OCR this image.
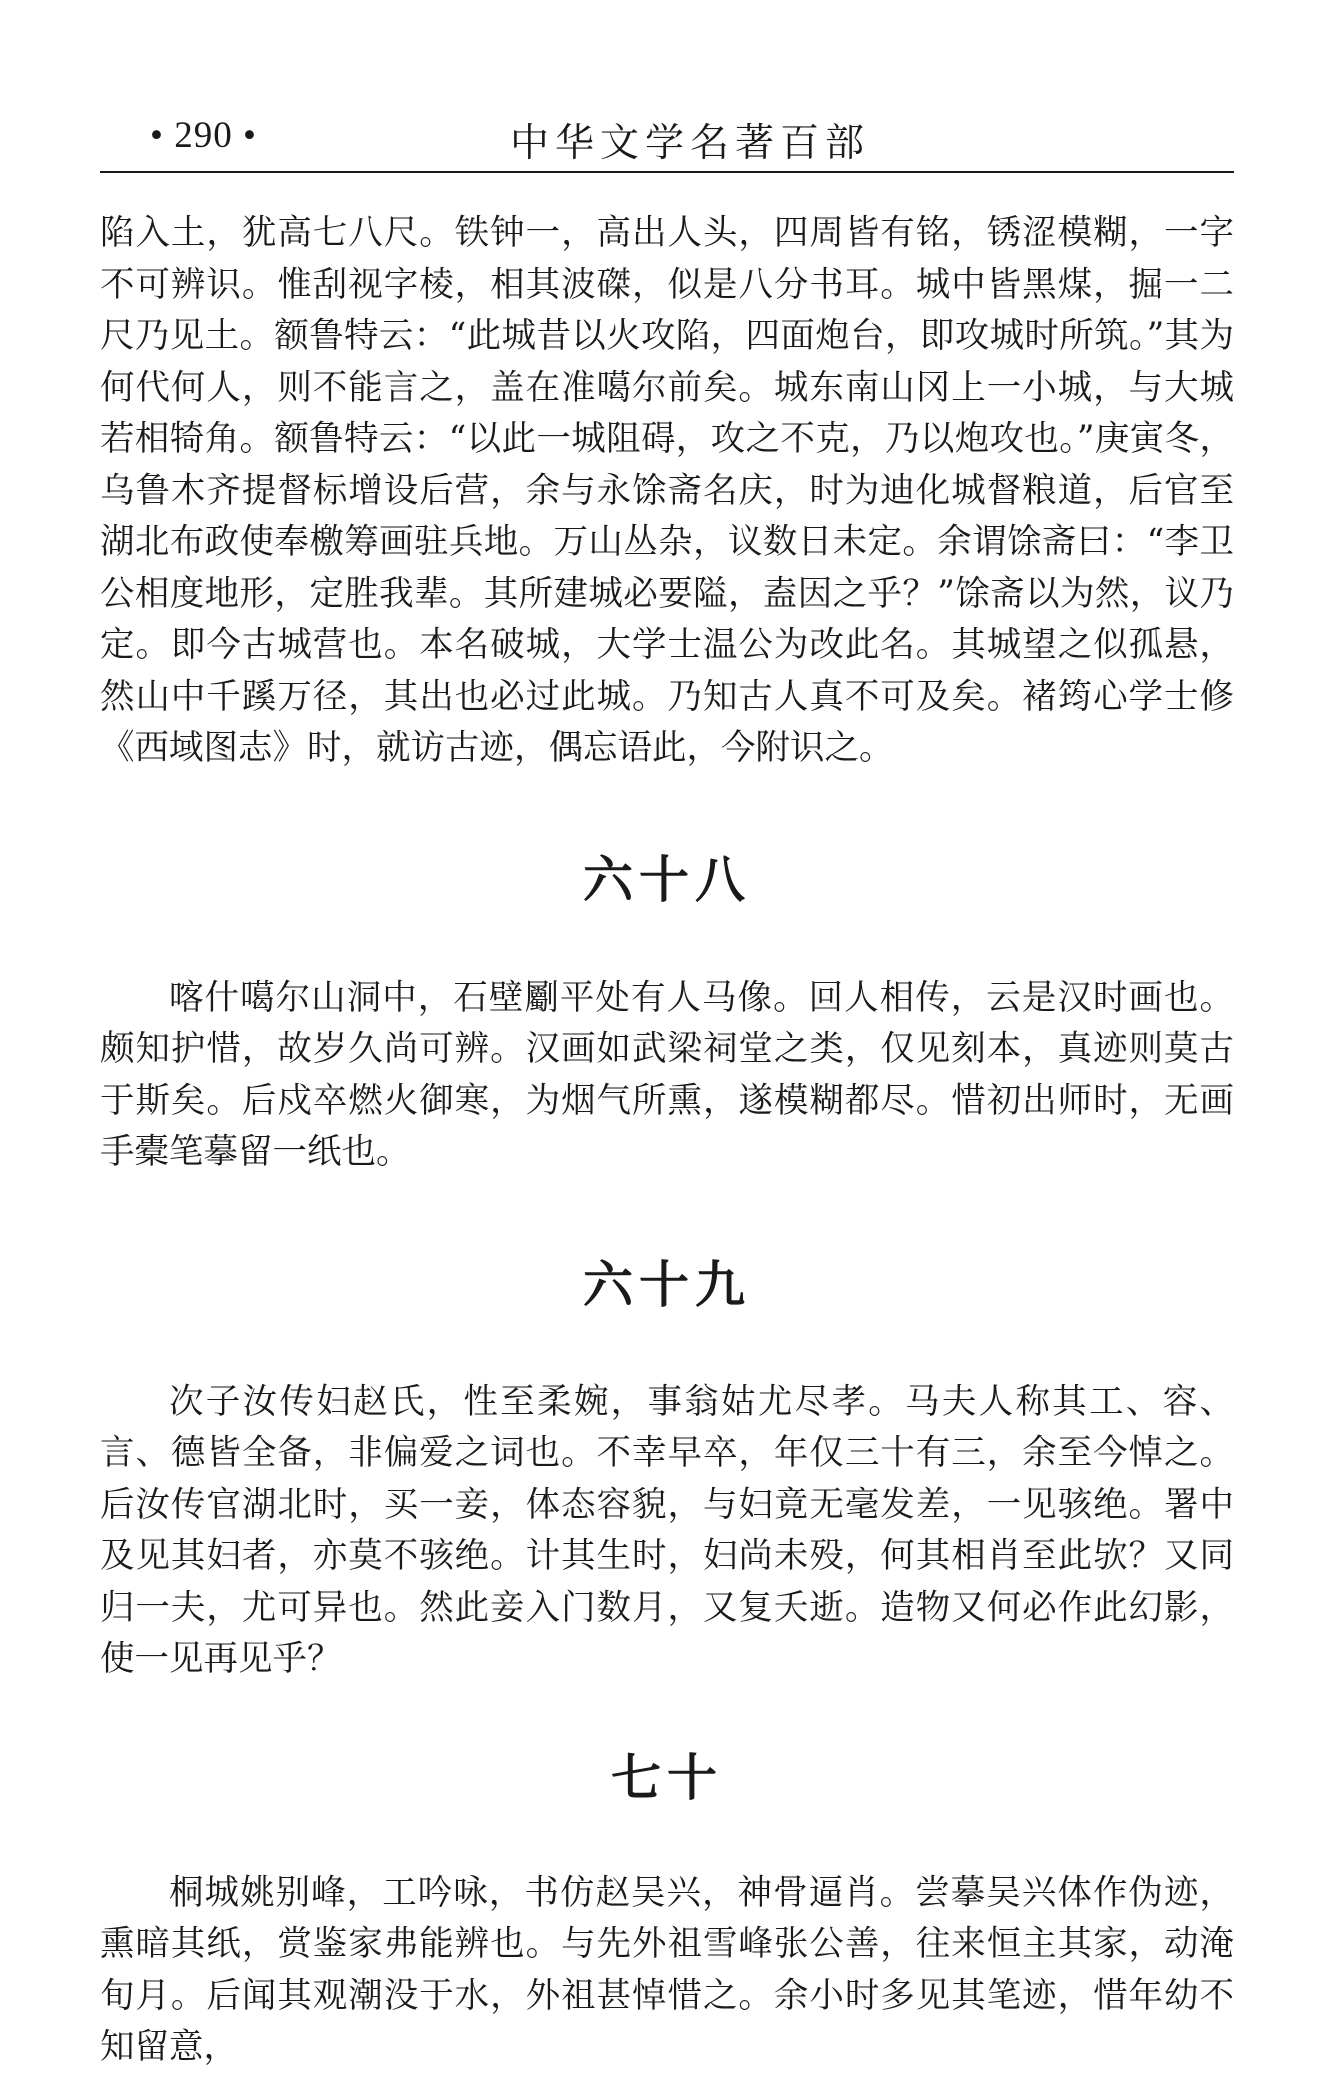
• 290 •	中华文学名著百部

陷入土，犹高七八尺。铁钟一，高出人头，四周皆有铭，锈涩模糊，一字不可辨识。惟刮视字棱，相其波磔，似是八分书耳。城中皆黑煤，掘一二尺乃见土。额鲁特云：“此城昔以火攻陷，四面炮台，即攻城时所筑。”其为何代何人，则不能言之，盖在准噶尔前矣。城东南山冈上一小城，与大城若相犄角。额鲁特云：“以此一城阻碍，攻之不克，乃以炮攻也。”庚寅冬，乌鲁木齐提督标增设后营，余与永馀斋名庆，时为迪化城督粮道，后官至湖北布政使奉檄筹画驻兵地。万山丛杂，议数日未定。余谓馀斋曰：“李卫公相度地形，定胜我辈。其所建城必要隘，盍因之乎？”馀斋以为然，议乃定。即今古城营也。本名破城，大学士温公为改此名。其城望之似孤悬，然山中千蹊万径，其出也必过此城。乃知古人真不可及矣。褚筠心学士修《西域图志》时，就访古迹，偶忘语此，今附识之。

六十八

喀什噶尔山洞中，石壁劚平处有人马像。回人相传，云是汉时画也。颇知护惜，故岁久尚可辨。汉画如武梁祠堂之类，仅见刻本，真迹则莫古于斯矣。后戍卒燃火御寒，为烟气所熏，遂模糊都尽。惜初出师时，无画手橐笔摹留一纸也。

六十九

次子汝传妇赵氏，性至柔婉，事翁姑尤尽孝。马夫人称其工、容、言、德皆全备，非偏爱之词也。不幸早卒，年仅三十有三，余至今悼之。后汝传官湖北时，买一妾，体态容貌，与妇竟无毫发差，一见骇绝。署中及见其妇者，亦莫不骇绝。计其生时，妇尚未殁，何其相肖至此欤？又同归一夫，尤可异也。然此妾入门数月，又复夭逝。造物又何必作此幻影，使一见再见乎？

七十

桐城姚别峰，工吟咏，书仿赵吴兴，神骨逼肖。尝摹吴兴体作伪迹，熏暗其纸，赏鉴家弗能辨也。与先外祖雪峰张公善，往来恒主其家，动淹旬月。后闻其观潮没于水，外祖甚悼惜之。余小时多见其笔迹，惜年幼不知留意，
